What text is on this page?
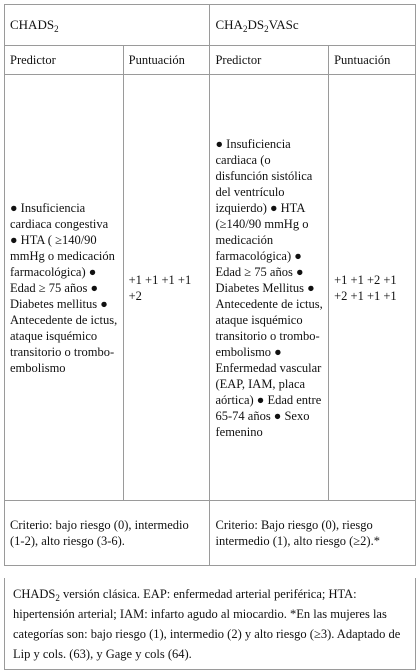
$CHADS_2$		$CHA_2DS_2VASc$	
Predictor	Puntuación	Predictor	Puntuación

● Insuficiencia cardiaca congestiva ● HTA ( ≥140/90 mmHg o medicación farmacológica) ● Edad ≥ 75 años ● Diabetes mellitus ● Antecedente de ictus, ataque isquémico transitorio o trombo-embolismo	+1 +1 +1 +1 +2	● Insuficiencia cardiaca (o disfunción sistólica del ventrículo izquierdo) ● HTA (≥140/90 mmHg o medicación farmacológica) ● Edad ≥ 75 años ● Diabetes Mellitus ● Antecedente de ictus, ataque isquémico transitorio o trombo-embolismo ● Enfermedad vascular (EAP, IAM, placa aórtica) ● Edad entre 65-74 años ● Sexo femenino	+1 +1 +2 +1 +2 +1 +1 +1

Criterio: bajo riesgo (0), intermedio (1-2), alto riesgo (3-6).		Criterio: Bajo riesgo (0), riesgo intermedio (1), alto riesgo (≥2).*	
$CHADS_2$ versión clásica. EAP: enfermedad arterial periférica; HTA: hipertensión arterial; IAM: infarto agudo al miocardio. *En las mujeres las categorías son: bajo riesgo (1), intermedio (2) y alto riesgo (≥3). Adaptado de Lip y cols. (63), y Gage y cols (64).
